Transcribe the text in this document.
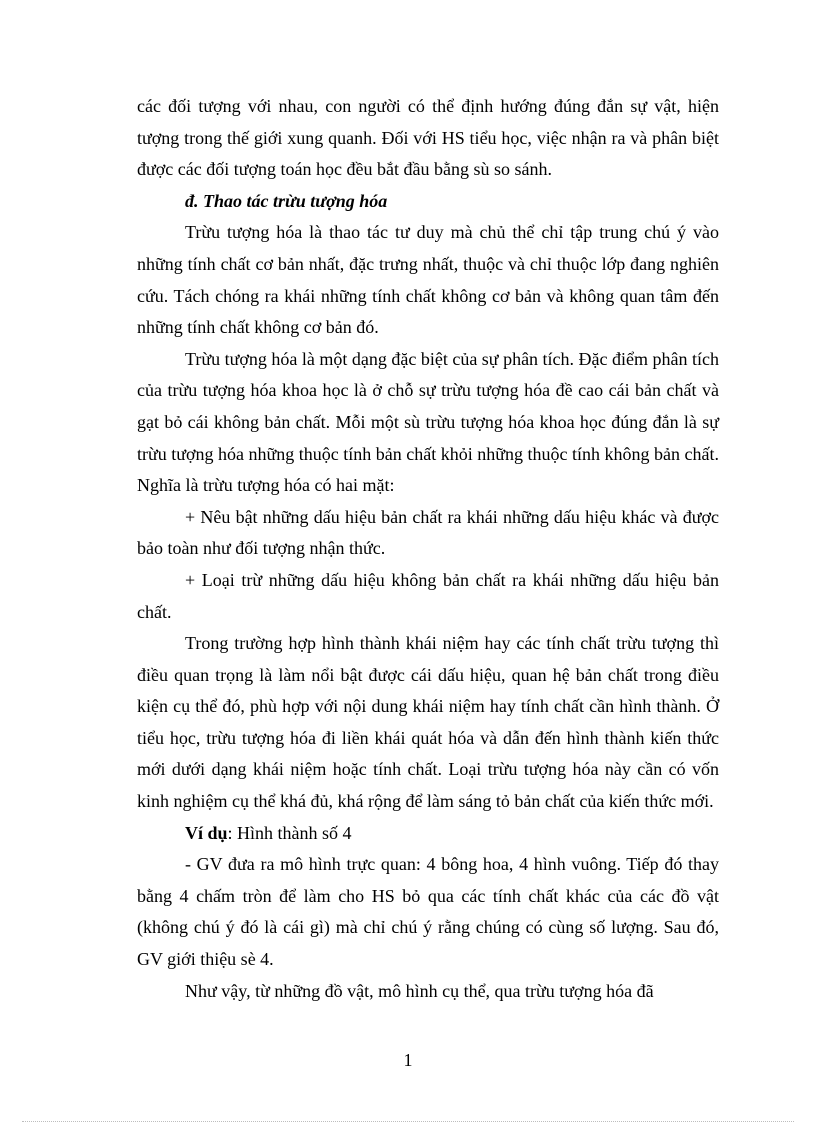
các đối tượng với nhau, con người có thể định hướng đúng đắn sự vật, hiện tượng trong thế giới xung quanh. Đối với HS tiểu học, việc nhận ra và phân biệt được các đối tượng toán học đều bắt đầu bằng sù so sánh.

đ. Thao tác trừu tượng hóa

Trừu tượng hóa là thao tác tư duy mà chủ thể chỉ tập trung chú ý vào những tính chất cơ bản nhất, đặc trưng nhất, thuộc và chỉ thuộc lớp đang nghiên cứu. Tách chóng ra khái những tính chất không cơ bản và không quan tâm đến những tính chất không cơ bản đó.

Trừu tượng hóa là một dạng đặc biệt của sự phân tích. Đặc điểm phân tích của trừu tượng hóa khoa học là ở chỗ sự trừu tượng hóa đề cao cái bản chất và gạt bỏ cái không bản chất. Mỗi một sù trừu tượng hóa khoa học đúng đắn là sự trừu tượng hóa những thuộc tính bản chất khỏi những thuộc tính không bản chất. Nghĩa là trừu tượng hóa có hai mặt:

+ Nêu bật những dấu hiệu bản chất ra khái những dấu hiệu khác và được bảo toàn như đối tượng nhận thức.

+ Loại trừ những dấu hiệu không bản chất ra khái những dấu hiệu bản chất.

Trong trường hợp hình thành khái niệm hay các tính chất trừu tượng thì điều quan trọng là làm nổi bật được cái dấu hiệu, quan hệ bản chất trong điều kiện cụ thể đó, phù hợp với nội dung khái niệm hay tính chất cần hình thành. Ở tiểu học, trừu tượng hóa đi liền khái quát hóa và dẫn đến hình thành kiến thức mới dưới dạng khái niệm hoặc tính chất. Loại trừu tượng hóa này cần có vốn kinh nghiệm cụ thể khá đủ, khá rộng để làm sáng tỏ bản chất của kiến thức mới.

Ví dụ: Hình thành số 4

- GV đưa ra mô hình trực quan: 4 bông hoa, 4 hình vuông. Tiếp đó thay bằng 4 chấm tròn để làm cho HS bỏ qua các tính chất khác của các đồ vật (không chú ý đó là cái gì) mà chỉ chú ý rằng chúng có cùng số lượng. Sau đó, GV giới thiệu sè 4.

Như vậy, từ những đồ vật, mô hình cụ thể, qua trừu tượng hóa đã

1
